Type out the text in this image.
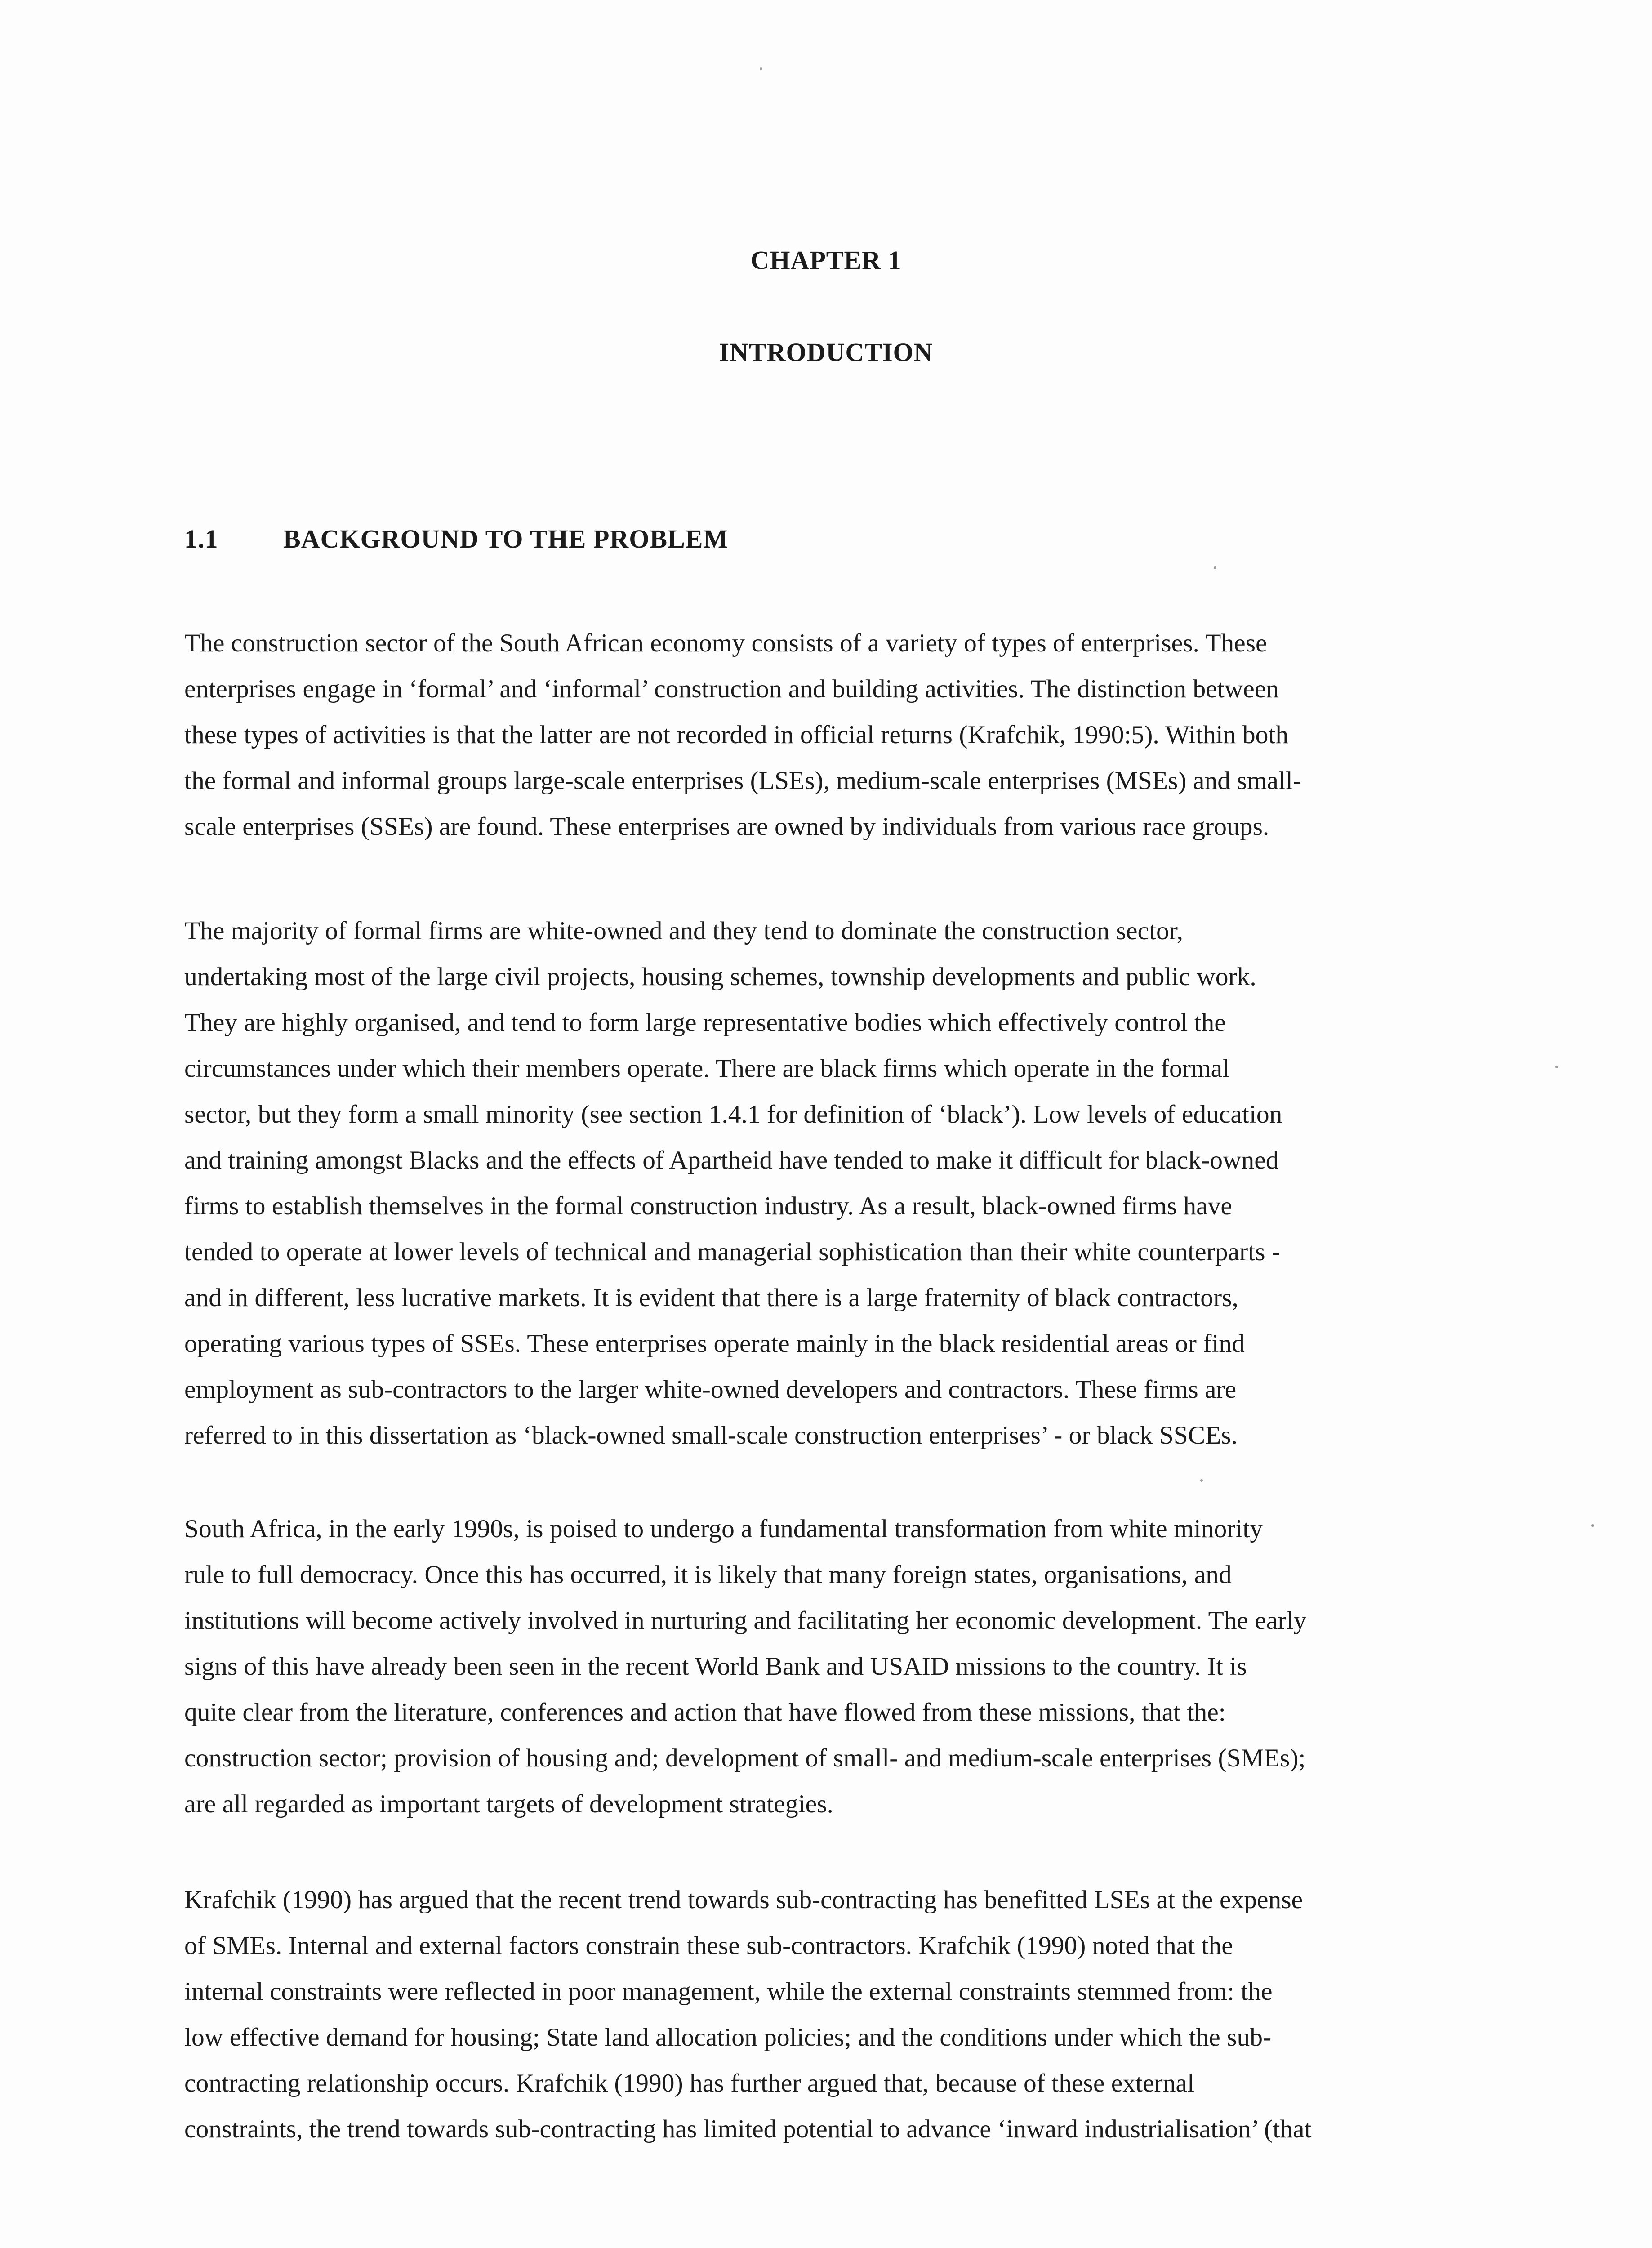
CHAPTER 1
INTRODUCTION
1.1 BACKGROUND TO THE PROBLEM
The construction sector of the South African economy consists of a variety of types of enterprises. These
enterprises engage in ‘formal’ and ‘informal’ construction and building activities. The distinction between
these types of activities is that the latter are not recorded in official returns (Krafchik, 1990:5). Within both
the formal and informal groups large-scale enterprises (LSEs), medium-scale enterprises (MSEs) and small-
scale enterprises (SSEs) are found. These enterprises are owned by individuals from various race groups.
The majority of formal firms are white-owned and they tend to dominate the construction sector,
undertaking most of the large civil projects, housing schemes, township developments and public work.
They are highly organised, and tend to form large representative bodies which effectively control the
circumstances under which their members operate. There are black firms which operate in the formal
sector, but they form a small minority (see section 1.4.1 for definition of ‘black’). Low levels of education
and training amongst Blacks and the effects of Apartheid have tended to make it difficult for black-owned
firms to establish themselves in the formal construction industry. As a result, black-owned firms have
tended to operate at lower levels of technical and managerial sophistication than their white counterparts -
and in different, less lucrative markets. It is evident that there is a large fraternity of black contractors,
operating various types of SSEs. These enterprises operate mainly in the black residential areas or find
employment as sub-contractors to the larger white-owned developers and contractors. These firms are
referred to in this dissertation as ‘black-owned small-scale construction enterprises’ - or black SSCEs.
South Africa, in the early 1990s, is poised to undergo a fundamental transformation from white minority
rule to full democracy. Once this has occurred, it is likely that many foreign states, organisations, and
institutions will become actively involved in nurturing and facilitating her economic development. The early
signs of this have already been seen in the recent World Bank and USAID missions to the country. It is
quite clear from the literature, conferences and action that have flowed from these missions, that the:
construction sector; provision of housing and; development of small- and medium-scale enterprises (SMEs);
are all regarded as important targets of development strategies.
Krafchik (1990) has argued that the recent trend towards sub-contracting has benefitted LSEs at the expense
of SMEs. Internal and external factors constrain these sub-contractors. Krafchik (1990) noted that the
internal constraints were reflected in poor management, while the external constraints stemmed from: the
low effective demand for housing; State land allocation policies; and the conditions under which the sub-
contracting relationship occurs. Krafchik (1990) has further argued that, because of these external
constraints, the trend towards sub-contracting has limited potential to advance ‘inward industrialisation’ (that
